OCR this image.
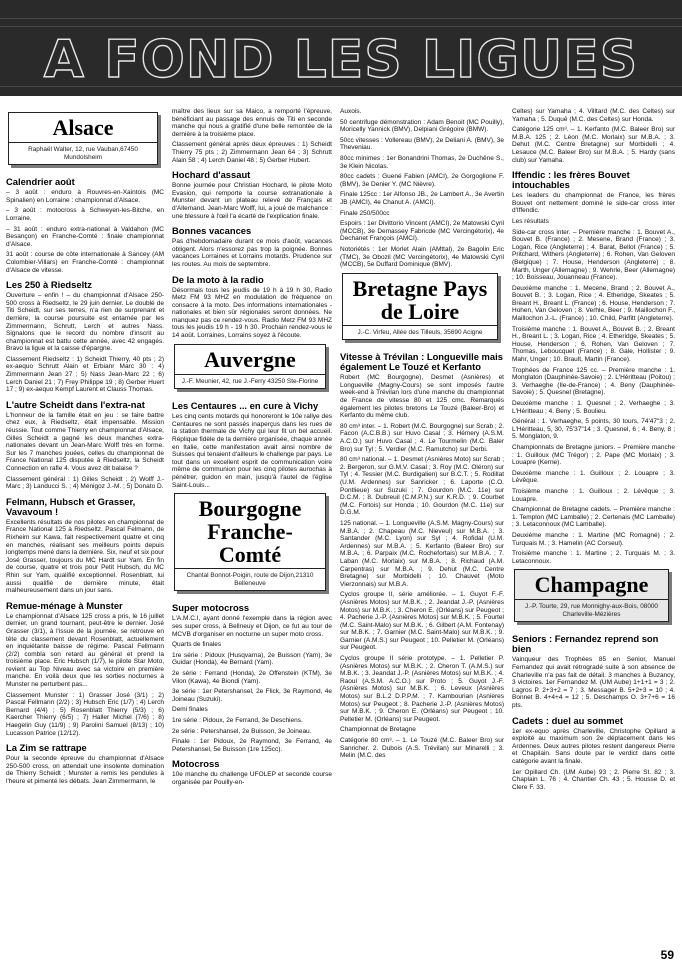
A FOND LES LIGUES
Alsace
Raphaël Walter, 12, rue Vauban,67450 Mundolsheim
Calendrier août

– 3 août : enduro à Rouvres-en-Xaintois (MC Spinalien) en Lorraine : championnat d'Alsace.

– 3 août : motocross à Schweyen-les-Bitche, en Lorraine.

– 31 août : enduro extra-national à Valdahon (MC Besançon) en Franche-Comté : finale championnat d'Alsace.

31 août : course de côte internationale à Sancey (AM Colombier-Villars) en Franche-Comté : championnat d'Alsace de vitesse.

Les 250 à Riedseltz

Ouverture – enfin ! – du championnat d'Alsace 250-500 cross à Riedseltz, le 29 juin dernier. Le doublé de Titi Scheidt, sur ses terres, n'a rien de surprenant et derrière, la course poursuite est entamée par les Zimmermann, Schrutt, Lerch et autres Nass. Signalons que le record du nombre d'inscrit au championnat est battu cette année, avec 42 engagés. Bravo la ligue et la caisse d'épargne.

Classement Riedseltz : 1) Scheidt Thierry, 40 pts ; 2) ex-aequo Schrutt Alain et Erbianr Marc 30 : 4) Zimmermann Jean 27 ; 5) Nass Jean-Marc 22 ; 6) Lerch Daniel 21 ; 7) Frey Philippe 19 ; 8) Gerber Huert 17 ; 9) ex-aequo Kempf Laurent et Clauss Thomas.

L'autre Scheidt dans l'extra-nat

L'honneur de la famille était en jeu : se faire battre chez eux, à Riedseltz, était impensable. Mission réussie. Tout comme Thierry en championnat d'Alsace, Gilles Scheidt a gagné les deux manches extra-nationales devant un Jean-Marc Wolff très en forme. Sur les 7 manches jouées, celles du championnat de France National 125 disputée à Riedseltz, la Scheidt Connection en rafle 4. Vous avez dit balaise ?

Classement général : 1) Gilles Scheidt ; 2) Wolff J.-Marc ; 3) Landucci S. ; 4) Ménigoz J.-M. ; 5) Donato D.

Felmann, Hubsch et Grasser, Vavavoum !

Excellents résultats de nos pilotes en championnat de France National 125 à Riedseltz. Pascal Felmann, de Rixheim sur Kawa, fait respectivement quatre et cinq en manches, réalisant ses meilleurs points depuis longtemps mené dans la dernière. Six, neuf et six pour José Grasser, toujours du MC Hardt sur Yam. En fin de course, quatre et trois pour Petit Hubsch, du MC Rhin sur Yam, qualifié exceptionnel. Rosenblatt, lui aussi qualifié de dernière minute, était malheureusement dans un jour sans.

Remue-ménage à Munster

Le championnat d'Alsace 125 cross a pris, le 16 juillet dernier, un grand tournant, peut-être le dernier. José Grasser (3/1), à l'issue de la journée, se retrouve en tête du classement devant Rosenblatt, actuellement en inquiétante baisse de régime. Pascal Fellmann (2/2) combla son retard au général et prend la troisième place. Eric Hubsch (1/7), le pilote Star Moto, revient au Top Niveau avec sa victoire en première manche. En voilà deux que les sorties nocturnes à Munster ne perturbent pas...

Classement Munster : 1) Grasser José (3/1) ; 2) Pascal Fellmann (2/2) ; 3) Hubsch Eric (1/7) ; 4) Lerch Bernard (4/4) ; 5) Rosenblatt Thierry (5/3) ; 6) Kaercher Thierry (6/5) ; 7) Haller Michel (7/6) ; 8) Haegelin Guy (11/9) ; 9) Parolini Samuel (8/13) ; 10) Lucasson Patrice (12/12).

La Zim se rattrape

Pour la seconde épreuve du championnat d'Alsace 250-500 cross, on attendait une insolente domination de Thierry Scheidt ; Munster a remis les pendules à l'heure et pimenté les débats. Jean Zimmermann, le

maître des lieux sur sa Maico, a remporté l'épreuve, bénéficiant au passage des ennuis de Titi en seconde manche qui nous a gratifié d'une belle remontée de la dernière à la troisième place.

Classement général après deux épreuves : 1) Scheidt Thierry 75 pts ; 2) Zimmermann Jean 64 ; 3) Schrutt Alain 58 ; 4) Lerch Daniel 48 ; 5) Gerber Hubert.

Hochard d'assaut

Bonne journée pour Christian Hochard, le pilote Moto Evasion, qui remporte la course extranationale à Munster devant un plateau relevé de Français et d'Allemand. Jean-Marc Wolff, lui, a joué de malchance : une blessure à l'œil l'a écarté de l'explication finale.

Bonnes vacances

Pas d'hebdomadaire durant ce mois d'août, vacances obligent. Alors n'essorez pas trop la poignée. Bonnes vacances Lorraines et Lorrains motards. Prudence sur les routes. Au mois de septembre.

De la moto à la radio

Désormais tous les jeudis de 19 h à 19 h 30, Radio Metz FM 93 MHZ en modulation de fréquence on consacre à la moto. Des informations internationales - nationales et bien sûr régionales seront données. Ne manquez pas ce rendez-vous. Radio Metz FM 93 MHZ tous les jeudis 19 h - 19 h 30. Prochain rendez-vous le 14 août. Lorraines, Lorrains soyez à l'écoute.

Auvergne
J.-F. Meunier, 42, rue J.-Ferry 43250 Ste-Florine
Les Centaures ... en cure à Vichy

Les cinq cents motards qui honoreront le 10e rallye des Centaures ne sont passés inaperçus dans les rues de la station thermale de Vichy qui leur fit un bel accueil. Réplique fidèle de la dernière organisée, chaque année en Italie, cette manifestation avait ainsi nombre de Suisses qui tenaient d'ailleurs le challenge par pays. Le tout dans un excellent esprit de communication voire même de communion pour les cinq pilotes aurochas à pénétrer, guidon en main, jusqu'à l'autel de l'église Saint-Louis...

Bourgogne Franche-Comté
Chantal Bonnot-Poigin, route de Dijon,21310 Belleneuve
Super motocross

L'A.M.C.I, ayant donné l'exemple dans la région avec ses super cross, à Bellneuy et Dijon, ce fut au tour de MCVB d'organiser en nocturne un super moto cross.

Quarts de finales

1re série : Pidoux (Husqvarna), 2e Buisson (Yam), 3e Guidar (Honda), 4e Bernard (Yam).

2e série : Ferrand (Honda), 2e Offenstein (KTM), 3e Vilon (Kawa), 4e Biondi (Yam).

3e série : 1er Petershansel, 2e Flick, 3e Raymond, 4e Joineau (Suzuki).

Demi finales

1re série : Pidoux, 2e Ferrand, 3e Deschiens.

2e série : Petershansel, 2e Buisson, 3e Joineau.

Finale : 1er Pidoux, 2e Raymond, 3e Ferrand, 4e Petershansel, 5e Buisson (1re 125cc).

Motocross

10e manche du challenge UFOLEP et seconde course organisée par Pouilly-en-

Auxois.

50 centrifuge démonstration : Adam Benoit (MC Pouilly), Moricelly Yannick (BMV), Delpiani Grégoire (BMW).

50cc vitesses : Vollereau (BMV), 2e Deliani A. (BMV), 3e Theveniau.

80cc minimes : 1er Bonandrini Thomas, 2e Duchêne S., 3e Klein Nicolas.

80cc cadets : Guené Fabien (AMCI), 2e Gorgoglione F. (BMV), 3e Denier Y. (MC Nièvre).

Finale 125cc : 1er Alfonso JB., 2e Lambert A., 3e Avertin JB (AMCI), 4e Chanut A. (AMCI).

Finale 250/500cc

Espoirs : 1er Divittorio Vincent (AMCI), 2e Matowski Cyril (MCCB), 3e Demassey Fabricde (MC Vercingétorix), 4e Dechanet François (AMCI).

Notoriétés : 1er Morlet Alain (AMttal), 2e Bagolin Eric (TMC), 3e Obozil (MC Vercingétorix), 4e Matowski Cyril (MCCB), 5e Duffard Dominique (BMV).

Bretagne Pays de Loire
J.-C. Virfeu, Allée des Tilleuls, 35690 Acigne
Vitesse à Trévilan : Longueville mais également Le Touzé et Kerfanto

Robert (MC Bourgogne), Desmet (Asnières) et Longueville (Magny-Cours) se sont imposés l'autre week-end à Trévilan lors d'une manche du championnat de France de vitesse 80 et 125 cmc. Remarqués également les pilotes bretons Le Touzé (Baleer-Bro) et Kerfanto du même club.

80 cm³ inter. – 1. Robert (M.C. Bourgogne) sur Scrab ; 2. Facon (A.C.B.B.) sur Huvo Casal ; 3. Hémery (A.S.M. A.C.O.) sur Huvo Casal ; 4. Le Tourmelin (M.C. Baler Bro) sur Tyl ; 5. Verdier (M.C. Ramutcho) sur Derbi.

80 cm³ national. – 1. Desmet (Asnières Moto) sur Scrab ; 2. Bergeron, sur G.M.V. Casal ; 3. Roy (M.C. Oléron) sur Tyl ; 4. Tessier (M.C. Burdigalien) sur B.C.T. ; 5. Rodillat (U.M. Ardennes) sur Sanricker ; 6. Laporte (C.O. Pontlieue) sur Suzuki ; 7. Gourdon (M.C. 11e) sur D.C.M. ; 8. Dubreuil (C.M.P.N.) sur K.R.D. ; 9. Courbet (M.C. Fortois) sur Honda ; 10. Gourdon (M.C. 11e) sur D.G.M.

125 national. – 1. Longueville (A.S.M. Magny-Cours) sur M.B.A. ; 2. Chapeau (M.C. Nieveul) sur M.B.A. ; 3. Santander (M.C. Lyon) sur Syl ; 4. Rofidal (U.M. Ardennes) sur M.B.A. ; 5. Kerfanto (Baleer Bro) sur M.B.A. ; 6. Parpaix (M.C. Rochefortais) sur M.B.A. ; 7. Laban (M.C. Morlaix) sur M.B.A. ; 8. Richaud (A.M. Carpentras) sur M.B.A. ; 9. Dehut (M.C. Centre Bretagne) sur Morbidelli ; 10. Chauvet (Moto Vierzonnais) sur M.B.A.

Cyclos groupe II, série améliorée. – 1. Guyot F.-F. (Asnières Motos) sur M.B.K. ; 2. Jeandat J.-P. (Asnières Motos) sur M.B.K. ; 3. Cheron E. (Orléans) sur Peugeot ; 4. Pacherie J.-P. (Asnières Motos) sur M.B.K. ; 5. Fourtel (M.C. Saint-Malo) sur M.B.K. ; 6. Gilbert (A.M. Fontenay) sur M.B.K. ; 7. Garnier (M.C. Saint-Malo) sur M.B.K. ; 9. Garnier (A.M.S.) sur Peugeot ; 10. Pelletier M. (Orléans) sur Peugeot.

Cyclos groupe II série prototype. – 1. Pelletier P. (Asnières Motos) sur M.B.K. ; 2. Cheron T. (A.M.S.) sur M.B.K. ; 3. Jeandat J.-P. (Asnières Motos) sur M.B.K. ; 4. Raoul (A.S.M. A.C.O.) sur Proto ; 5. Guyot J.-F. (Asnières Motos) sur M.B.K. ; 6. Leveux (Asnières Motos) sur B.L.2 D.P.P.M. ; 7. Kambourian (Asnières Motos) sur Peugeot ; 8. Pacherie J.-P. (Asnières Motos) sur M.B.K. ; 9. Cheron E. (Orléans) sur Peugeot ; 10. Pelletier M. (Orléans) sur Peugeot.

Championnat de Bretagne

Catégorie 80 cm³. – 1. Le Touzé (M.C. Baleer Bro) sur Sanricher. 2. Dubois (A.S. Trévilan) sur Minarelli ; 3. Melin (M.C. des

Celtes) sur Yamaha ; 4. Villtard (M.C. des Celtes) sur Yamaha ; 5. Duquê (M.C. des Celtes) sur Honda.

Catégorie 125 cm³. – 1. Kerfanto (M.C. Baleer Bro) sur M.B.A. 125 ; 2. Léon (M.C. Morlaix) sur M.B.A. ; 3. Dehut (M.C. Centre Bretagne) sur Morbidelli ; 4. Lesauce (M.C. Baleer Bro) sur M.B.A. ; 5. Hardy (sans club) sur Yamaha.

Iffendic : les frères Bouvet intouchables

Les leaders du championnat de France, les frères Bouvet ont nettement dominé le side-car cross inter d'Iffendic.

Les résultats

Side-car cross inter. – Première manche : 1. Bouvet A., Bouvet B. (France) ; 2. Mesene, Brand (France) ; 3. Logan, Rice (Angleterre) ; 4. Barat, Bellot (France) ; 5. Pritchard, Withers (Angleterre) ; 6. Rohen, Van Geloven (Belgique) ; 7. House, Henderson (Angleterre) ; 8. Marth, Unger (Allemagne) ; 9. Wehrle, Beer (Allemagne) ; 10. Boisseau, Jouanneau (France).

Deuxième manche : 1. Mecene, Brand ; 2. Bouvet A., Bouvet B. ; 3. Logan, Rice ; 4. Etheridge, Skeates ; 5. Breant H., Breant L. (France) ; 6. House, Henderson ; 7. Hohen, Van Geloven ; 8. Verhle, Beer ; 9. Maillochon F., Maillochon J.-L. (France) ; 10. Child, Parfitt (Angleterre).

Troisième manche : 1. Bouvet A., Bouvet B. ; 2. Breant H., Breant L. ; 3. Logan, Rice ; 4. Etheridge, Skeates ; 5. House, Henderson ; 6. Rohen, Van Geloven ; 7. Thomas, Leboucquet (France) ; 8. Gale, Hollister ; 9. Mahr, Unger ; 10. Brault, Martin (France).

Trophées de France 125 cc. – Première manche : 1. Monglaton (Dauphinée-Savoie) ; 2. L'Héritteau (Poitou) ; 3. Verhaeghe (Ile-de-France) ; 4. Beny (Dauphinée-Savoie) ; 5. Quesnel (Bretagne).

Deuxième manche : 1. Quesnel ; 2. Verhaeghe ; 3. L'Héritteau ; 4. Beny ; 5. Boulieu.

Général : 1. Verhaeghe, 5 points, 30 tours, 74'47"3 ; 2. L'Héritteau, 5, 30, 75'37"14 ; 3. Quesnel, 6 ; 4. Beny, 8 ; 5. Monglaton, 9.

Championnats de Bretagne juniors. – Première manche : 1. Guilloux (MC Trégor) ; 2. Pape (MC Morlaix) ; 3. Louapre (Kerne).

Deuxième manche : 1. Guilloux ; 2. Louapre ; 3. Lévêque.

Troisième manche : 1. Guilloux ; 2. Lévêque ; 3. Louapre.

Championnat de Bretagne cadets. – Première manche : 1. Templon (MC Lamballe) ; 2. Certenais (MC Lamballe) ; 3. Letaconnoux (MC Lamballe).

Deuxième manche : 1. Martine (MC Romagné) ; 2. Turquais M. ; 3. Hamelin (AC Corseul).

Troisième manche : 1. Martine ; 2. Turquais M. ; 3. Letaconnoux.

Champagne
J.-P. Tourte, 29, rue Monnighy-aux-Bois, 08000 Charleville-Mézières
Seniors : Fernandez reprend son bien

Vainqueur des Trophées 85 en Senior, Manuel Fernandez qui avait rétrogradé suite à son absence de Charleville n'a pas fait de détail. 3 manches à Buzancy, 3 victoires. 1er Fernandez M. (UM Aube) 1+1+1 = 3 ; 2. Lagros P. 2+3+2 = 7 ; 3. Messager B. 5+2+3 = 10 ; 4. Bonnet B. 4+4+4 = 12 ; 5. Deschamps O. 3+7+6 = 16 pts.

Cadets : duel au sommet

1er ex-equo après Charleville, Christophe Opillard a exploité au maximum son 2e déplacement dans les Ardennes. Deux autres pilotes restent dangereux Pierre et Chapilain. Sans doute par le verdict dans cette catégorie avant la finale.

1er Opillard Ch. (UM Aube) 93 ; 2. Pierre St. 82 ; 3. Chaplain L. 76 ; 4. Chantier Ch. 43 ; 5. Housse D. et Clere F. 33.

59
